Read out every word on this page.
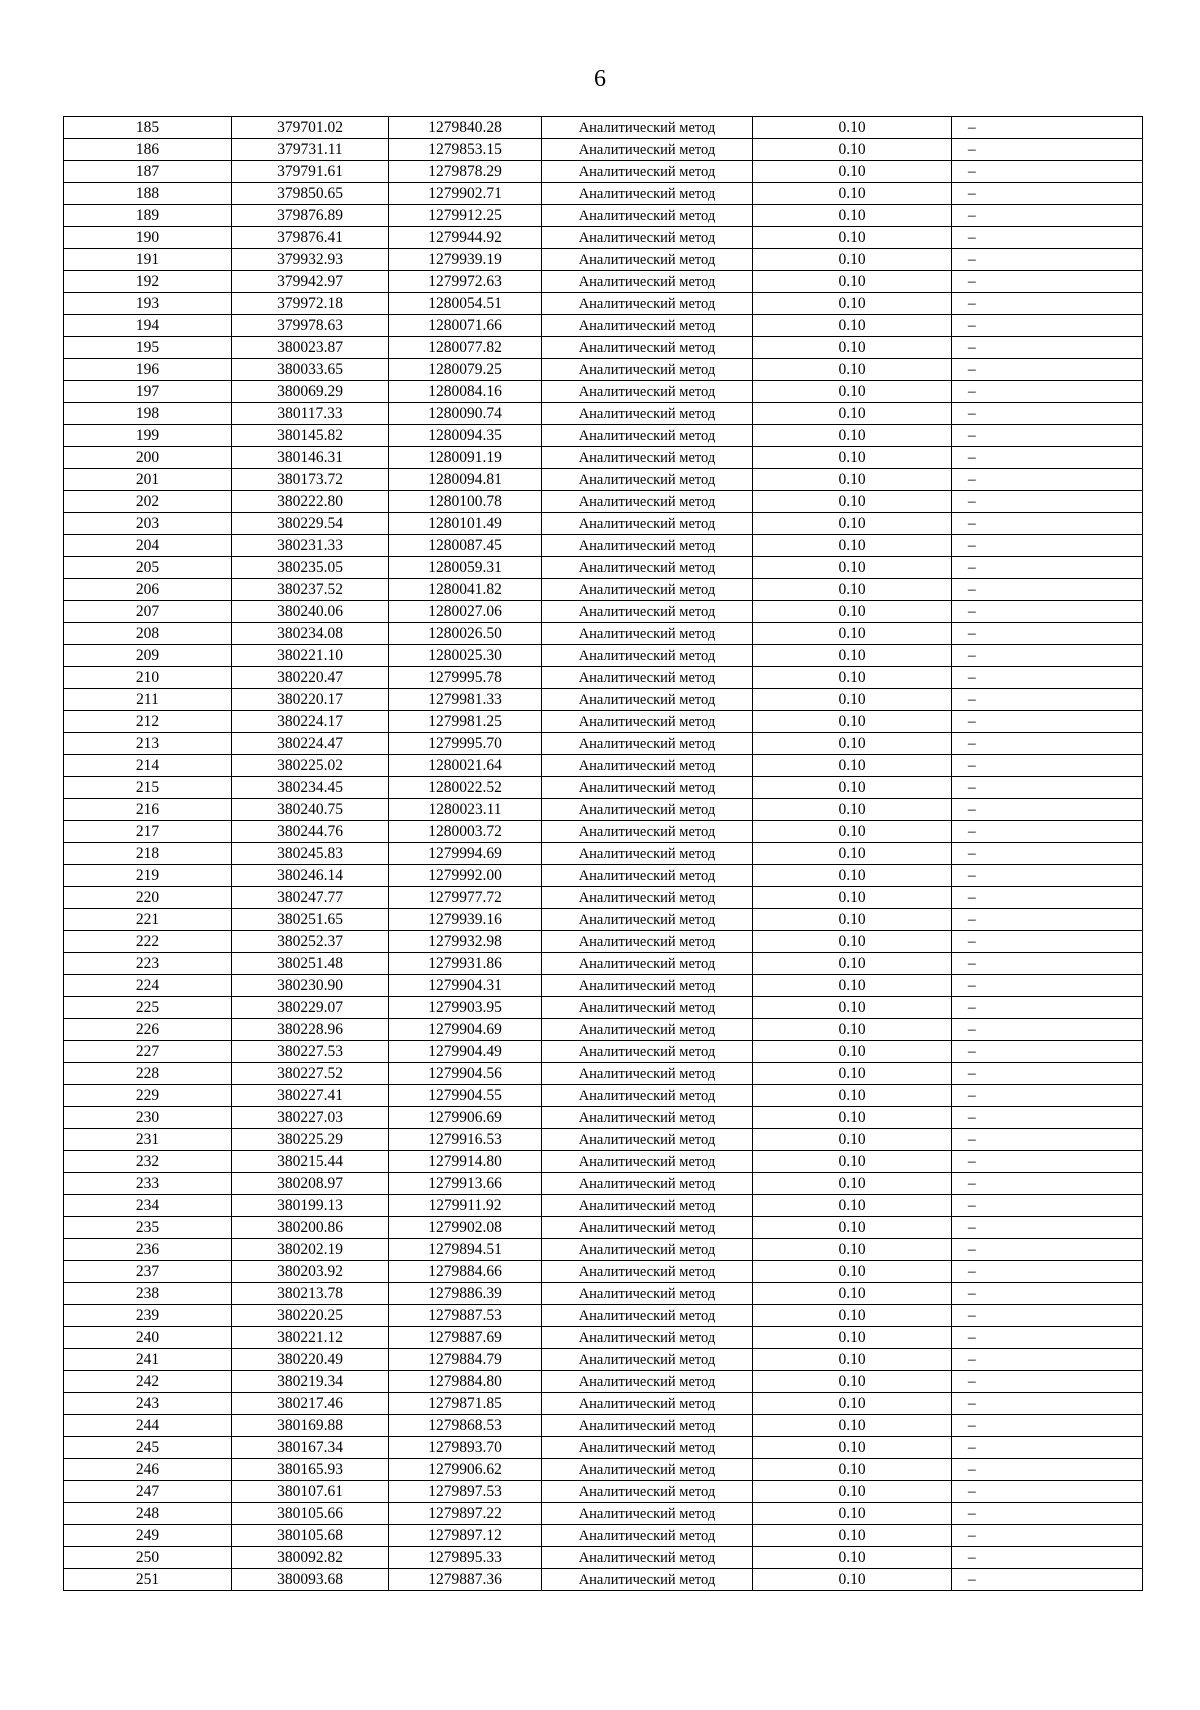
6
185	379701.02	1279840.28	Аналитический метод	0.10	–
186	379731.11	1279853.15	Аналитический метод	0.10	–
187	379791.61	1279878.29	Аналитический метод	0.10	–
188	379850.65	1279902.71	Аналитический метод	0.10	–
189	379876.89	1279912.25	Аналитический метод	0.10	–
190	379876.41	1279944.92	Аналитический метод	0.10	–
191	379932.93	1279939.19	Аналитический метод	0.10	–
192	379942.97	1279972.63	Аналитический метод	0.10	–
193	379972.18	1280054.51	Аналитический метод	0.10	–
194	379978.63	1280071.66	Аналитический метод	0.10	–
195	380023.87	1280077.82	Аналитический метод	0.10	–
196	380033.65	1280079.25	Аналитический метод	0.10	–
197	380069.29	1280084.16	Аналитический метод	0.10	–
198	380117.33	1280090.74	Аналитический метод	0.10	–
199	380145.82	1280094.35	Аналитический метод	0.10	–
200	380146.31	1280091.19	Аналитический метод	0.10	–
201	380173.72	1280094.81	Аналитический метод	0.10	–
202	380222.80	1280100.78	Аналитический метод	0.10	–
203	380229.54	1280101.49	Аналитический метод	0.10	–
204	380231.33	1280087.45	Аналитический метод	0.10	–
205	380235.05	1280059.31	Аналитический метод	0.10	–
206	380237.52	1280041.82	Аналитический метод	0.10	–
207	380240.06	1280027.06	Аналитический метод	0.10	–
208	380234.08	1280026.50	Аналитический метод	0.10	–
209	380221.10	1280025.30	Аналитический метод	0.10	–
210	380220.47	1279995.78	Аналитический метод	0.10	–
211	380220.17	1279981.33	Аналитический метод	0.10	–
212	380224.17	1279981.25	Аналитический метод	0.10	–
213	380224.47	1279995.70	Аналитический метод	0.10	–
214	380225.02	1280021.64	Аналитический метод	0.10	–
215	380234.45	1280022.52	Аналитический метод	0.10	–
216	380240.75	1280023.11	Аналитический метод	0.10	–
217	380244.76	1280003.72	Аналитический метод	0.10	–
218	380245.83	1279994.69	Аналитический метод	0.10	–
219	380246.14	1279992.00	Аналитический метод	0.10	–
220	380247.77	1279977.72	Аналитический метод	0.10	–
221	380251.65	1279939.16	Аналитический метод	0.10	–
222	380252.37	1279932.98	Аналитический метод	0.10	–
223	380251.48	1279931.86	Аналитический метод	0.10	–
224	380230.90	1279904.31	Аналитический метод	0.10	–
225	380229.07	1279903.95	Аналитический метод	0.10	–
226	380228.96	1279904.69	Аналитический метод	0.10	–
227	380227.53	1279904.49	Аналитический метод	0.10	–
228	380227.52	1279904.56	Аналитический метод	0.10	–
229	380227.41	1279904.55	Аналитический метод	0.10	–
230	380227.03	1279906.69	Аналитический метод	0.10	–
231	380225.29	1279916.53	Аналитический метод	0.10	–
232	380215.44	1279914.80	Аналитический метод	0.10	–
233	380208.97	1279913.66	Аналитический метод	0.10	–
234	380199.13	1279911.92	Аналитический метод	0.10	–
235	380200.86	1279902.08	Аналитический метод	0.10	–
236	380202.19	1279894.51	Аналитический метод	0.10	–
237	380203.92	1279884.66	Аналитический метод	0.10	–
238	380213.78	1279886.39	Аналитический метод	0.10	–
239	380220.25	1279887.53	Аналитический метод	0.10	–
240	380221.12	1279887.69	Аналитический метод	0.10	–
241	380220.49	1279884.79	Аналитический метод	0.10	–
242	380219.34	1279884.80	Аналитический метод	0.10	–
243	380217.46	1279871.85	Аналитический метод	0.10	–
244	380169.88	1279868.53	Аналитический метод	0.10	–
245	380167.34	1279893.70	Аналитический метод	0.10	–
246	380165.93	1279906.62	Аналитический метод	0.10	–
247	380107.61	1279897.53	Аналитический метод	0.10	–
248	380105.66	1279897.22	Аналитический метод	0.10	–
249	380105.68	1279897.12	Аналитический метод	0.10	–
250	380092.82	1279895.33	Аналитический метод	0.10	–
251	380093.68	1279887.36	Аналитический метод	0.10	–
